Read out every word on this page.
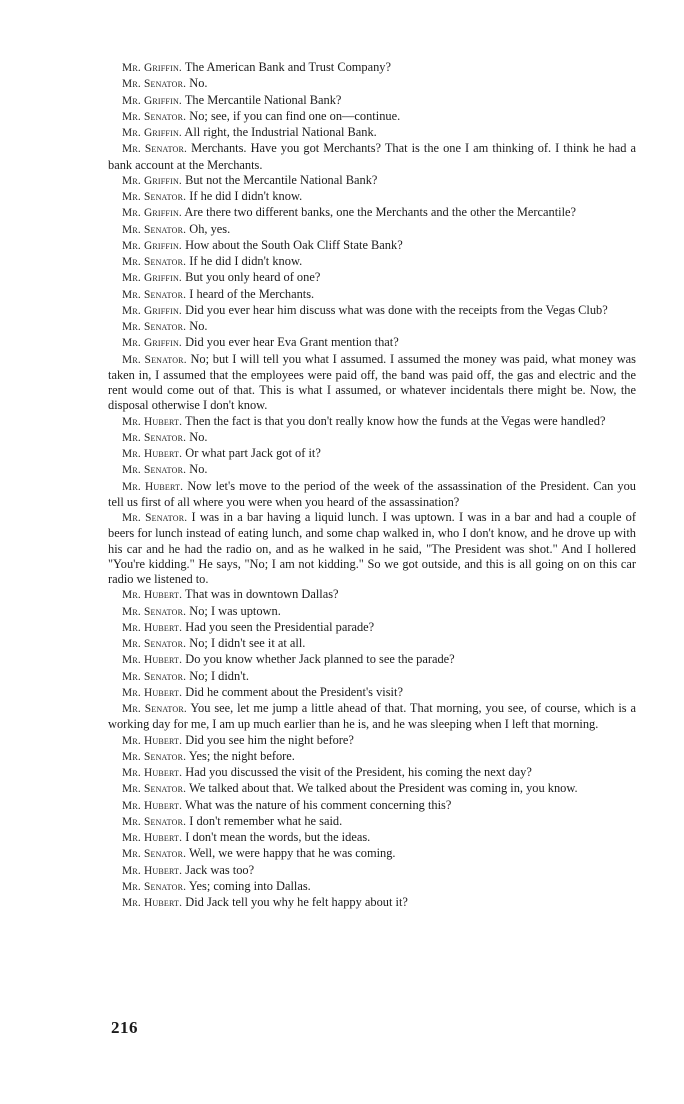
Mr. Griffin. The American Bank and Trust Company?

Mr. Senator. No.

Mr. Griffin. The Mercantile National Bank?

Mr. Senator. No; see, if you can find one on—continue.

Mr. Griffin. All right, the Industrial National Bank.

Mr. Senator. Merchants. Have you got Merchants? That is the one I am thinking of. I think he had a bank account at the Merchants.

Mr. Griffin. But not the Mercantile National Bank?

Mr. Senator. If he did I didn't know.

Mr. Griffin. Are there two different banks, one the Merchants and the other the Mercantile?

Mr. Senator. Oh, yes.

Mr. Griffin. How about the South Oak Cliff State Bank?

Mr. Senator. If he did I didn't know.

Mr. Griffin. But you only heard of one?

Mr. Senator. I heard of the Merchants.

Mr. Griffin. Did you ever hear him discuss what was done with the receipts from the Vegas Club?

Mr. Senator. No.

Mr. Griffin. Did you ever hear Eva Grant mention that?

Mr. Senator. No; but I will tell you what I assumed. I assumed the money was paid, what money was taken in, I assumed that the employees were paid off, the band was paid off, the gas and electric and the rent would come out of that. This is what I assumed, or whatever incidentals there might be. Now, the disposal otherwise I don't know.

Mr. Hubert. Then the fact is that you don't really know how the funds at the Vegas were handled?

Mr. Senator. No.

Mr. Hubert. Or what part Jack got of it?

Mr. Senator. No.

Mr. Hubert. Now let's move to the period of the week of the assassination of the President. Can you tell us first of all where you were when you heard of the assassination?

Mr. Senator. I was in a bar having a liquid lunch. I was uptown. I was in a bar and had a couple of beers for lunch instead of eating lunch, and some chap walked in, who I don't know, and he drove up with his car and he had the radio on, and as he walked in he said, "The President was shot." And I hollered "You're kidding." He says, "No; I am not kidding." So we got outside, and this is all going on on this car radio we listened to.

Mr. Hubert. That was in downtown Dallas?

Mr. Senator. No; I was uptown.

Mr. Hubert. Had you seen the Presidential parade?

Mr. Senator. No; I didn't see it at all.

Mr. Hubert. Do you know whether Jack planned to see the parade?

Mr. Senator. No; I didn't.

Mr. Hubert. Did he comment about the President's visit?

Mr. Senator. You see, let me jump a little ahead of that. That morning, you see, of course, which is a working day for me, I am up much earlier than he is, and he was sleeping when I left that morning.

Mr. Hubert. Did you see him the night before?

Mr. Senator. Yes; the night before.

Mr. Hubert. Had you discussed the visit of the President, his coming the next day?

Mr. Senator. We talked about that. We talked about the President was coming in, you know.

Mr. Hubert. What was the nature of his comment concerning this?

Mr. Senator. I don't remember what he said.

Mr. Hubert. I don't mean the words, but the ideas.

Mr. Senator. Well, we were happy that he was coming.

Mr. Hubert. Jack was too?

Mr. Senator. Yes; coming into Dallas.

Mr. Hubert. Did Jack tell you why he felt happy about it?

216
